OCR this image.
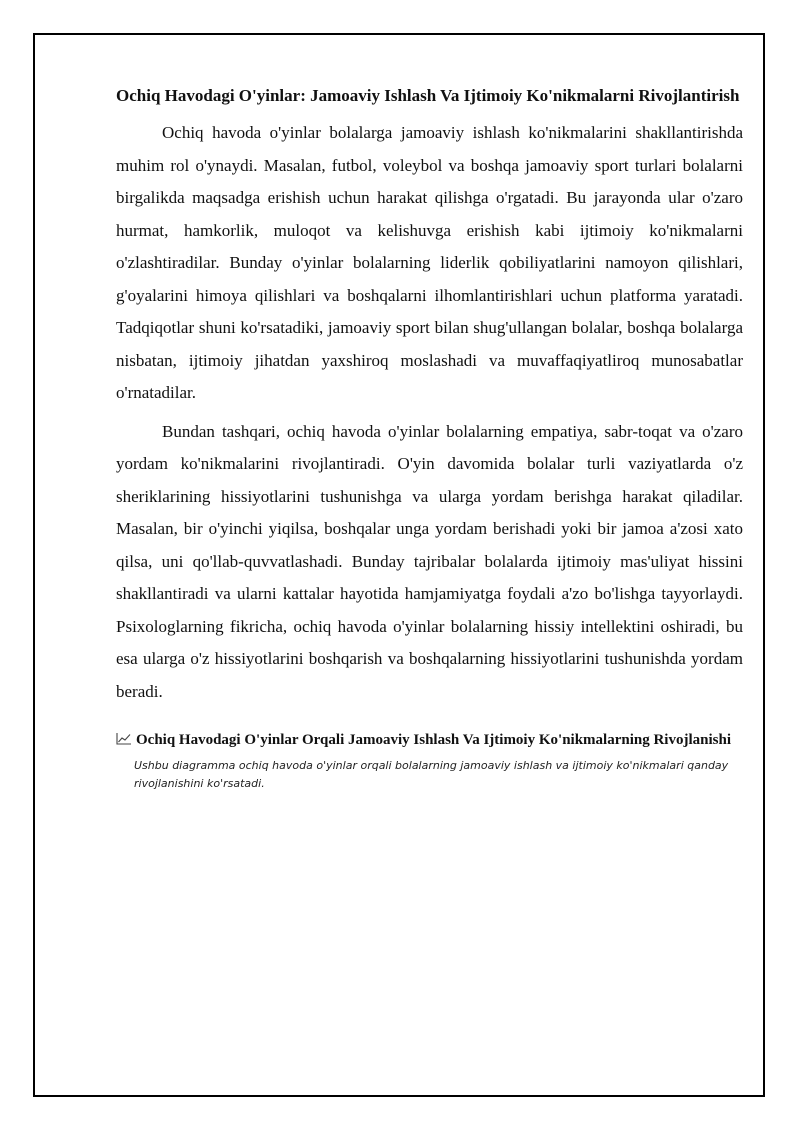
Ochiq Havodagi O'yinlar: Jamoaviy Ishlash Va Ijtimoiy Ko'nikmalarni Rivojlantirish

Ochiq havoda o'yinlar bolalarga jamoaviy ishlash ko'nikmalarini shakllantirishda muhim rol o'ynaydi. Masalan, futbol, voleybol va boshqa jamoaviy sport turlari bolalarni birgalikda maqsadga erishish uchun harakat qilishga o'rgatadi. Bu jarayonda ular o'zaro hurmat, hamkorlik, muloqot va kelishuvga erishish kabi ijtimoiy ko'nikmalarni o'zlashtiradilar. Bunday o'yinlar bolalarning liderlik qobiliyatlarini namoyon qilishlari, g'oyalarini himoya qilishlari va boshqalarni ilhomlantirishlari uchun platforma yaratadi. Tadqiqotlar shuni ko'rsatadiki, jamoaviy sport bilan shug'ullangan bolalar, boshqa bolalarga nisbatan, ijtimoiy jihatdan yaxshiroq moslashadi va muvaffaqiyatliroq munosabatlar o'rnatadilar.

Bundan tashqari, ochiq havoda o'yinlar bolalarning empatiya, sabr-toqat va o'zaro yordam ko'nikmalarini rivojlantiradi. O'yin davomida bolalar turli vaziyatlarda o'z sheriklarining hissiyotlarini tushunishga va ularga yordam berishga harakat qiladilar. Masalan, bir o'yinchi yiqilsa, boshqalar unga yordam berishadi yoki bir jamoa a'zosi xato qilsa, uni qo'llab-quvvatlashadi. Bunday tajribalar bolalarda ijtimoiy mas'uliyat hissini shakllantiradi va ularni kattalar hayotida hamjamiyatga foydali a'zo bo'lishga tayyorlaydi. Psixologlarning fikricha, ochiq havoda o'yinlar bolalarning hissiy intellektini oshiradi, bu esa ularga o'z hissiyotlarini boshqarish va boshqalarning hissiyotlarini tushunishda yordam beradi.

Ochiq Havodagi O'yinlar Orqali Jamoaviy Ishlash Va Ijtimoiy Ko'nikmalarning Rivojlanishi
Ushbu diagramma ochiq havoda o'yinlar orqali bolalarning jamoaviy ishlash va ijtimoiy ko'nikmalari qanday rivojlanishini ko'rsatadi.
